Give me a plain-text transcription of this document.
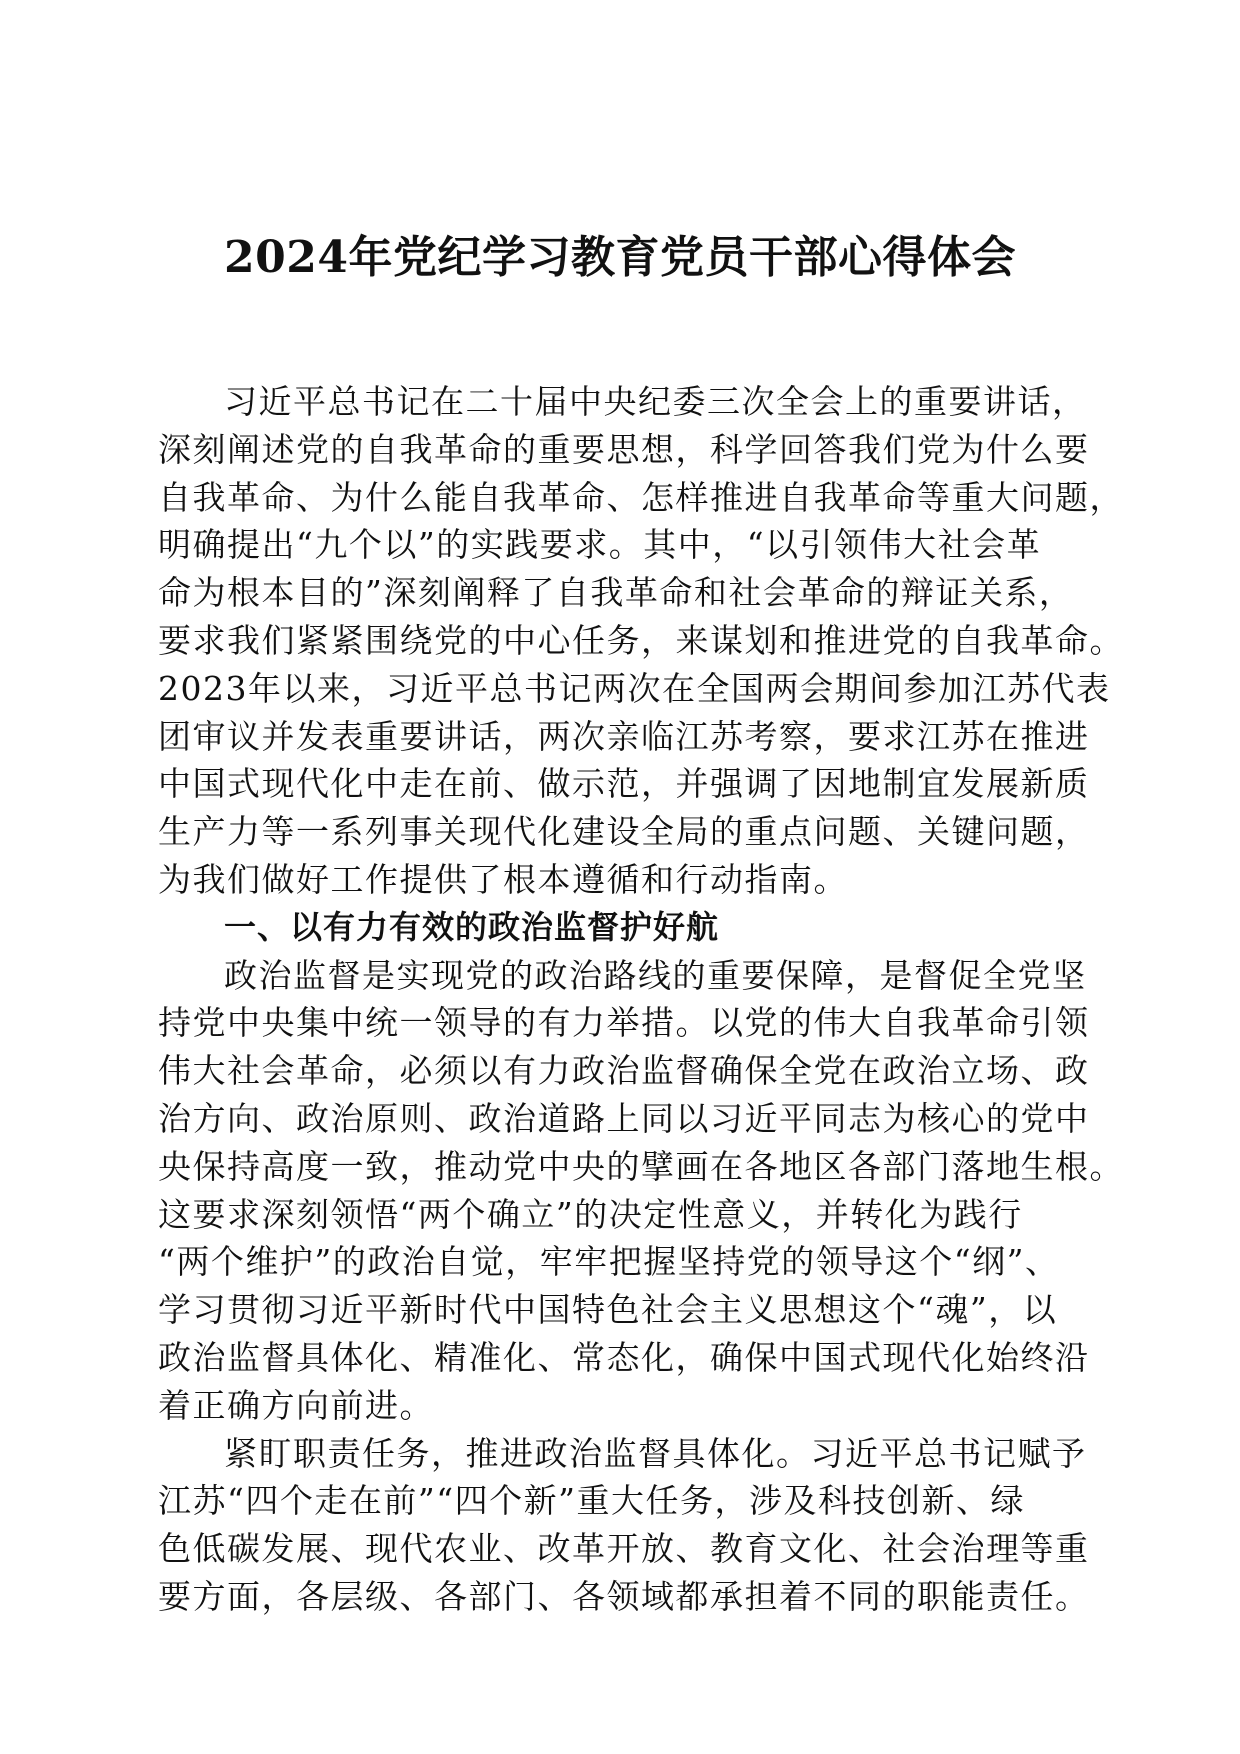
2024年党纪学习教育党员干部心得体会
习近平总书记在二十届中央纪委三次全会上的重要讲话，
深刻阐述党的自我革命的重要思想，科学回答我们党为什么要
自我革命、为什么能自我革命、怎样推进自我革命等重大问题，
明确提出“九个以”的实践要求。其中，“以引领伟大社会革
命为根本目的”深刻阐释了自我革命和社会革命的辩证关系，
要求我们紧紧围绕党的中心任务，来谋划和推进党的自我革命。
2023年以来，习近平总书记两次在全国两会期间参加江苏代表
团审议并发表重要讲话，两次亲临江苏考察，要求江苏在推进
中国式现代化中走在前、做示范，并强调了因地制宜发展新质
生产力等一系列事关现代化建设全局的重点问题、关键问题，
为我们做好工作提供了根本遵循和行动指南。
一、以有力有效的政治监督护好航
政治监督是实现党的政治路线的重要保障，是督促全党坚
持党中央集中统一领导的有力举措。以党的伟大自我革命引领
伟大社会革命，必须以有力政治监督确保全党在政治立场、政
治方向、政治原则、政治道路上同以习近平同志为核心的党中
央保持高度一致，推动党中央的擘画在各地区各部门落地生根。
这要求深刻领悟“两个确立”的决定性意义，并转化为践行
“两个维护”的政治自觉，牢牢把握坚持党的领导这个“纲”、
学习贯彻习近平新时代中国特色社会主义思想这个“魂”，以
政治监督具体化、精准化、常态化，确保中国式现代化始终沿
着正确方向前进。
紧盯职责任务，推进政治监督具体化。习近平总书记赋予
江苏“四个走在前”“四个新”重大任务，涉及科技创新、绿
色低碳发展、现代农业、改革开放、教育文化、社会治理等重
要方面，各层级、各部门、各领域都承担着不同的职能责任。
